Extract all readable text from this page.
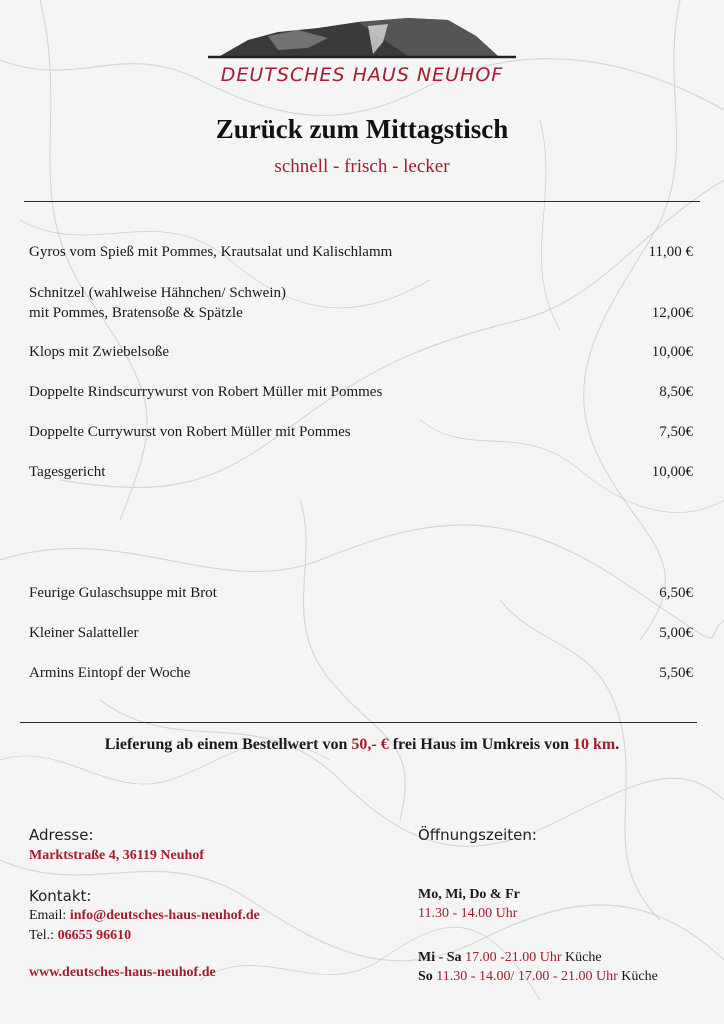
DEUTSCHES HAUS NEUHOF
Zurück zum Mittagstisch
schnell - frisch - lecker
Gyros vom Spieß mit Pommes, Krautsalat und Kalischlamm	11,00 €
Schnitzel (wahlweise Hähnchen/ Schwein)
mit Pommes, Bratensoße & Spätzle	12,00€
Klops mit Zwiebelsoße	10,00€
Doppelte Rindscurrywurst von Robert Müller mit Pommes	8,50€
Doppelte Currywurst von Robert Müller mit Pommes	7,50€
Tagesgericht	10,00€
Feurige Gulaschsuppe mit Brot	6,50€
Kleiner Salatteller	5,00€
Armins Eintopf der Woche	5,50€
Lieferung ab einem Bestellwert von 50,- € frei Haus im Umkreis von 10 km.
Adresse:
Marktstraße 4, 36119 Neuhof
Kontakt:
Email: info@deutsches-haus-neuhof.de
Tel.: 06655 96610
www.deutsches-haus-neuhof.de
Öffnungszeiten:
Mo, Mi, Do & Fr
11.30 - 14.00 Uhr
Mi - Sa 17.00 -21.00 Uhr Küche
So 11.30 - 14.00/ 17.00 - 21.00 Uhr Küche
